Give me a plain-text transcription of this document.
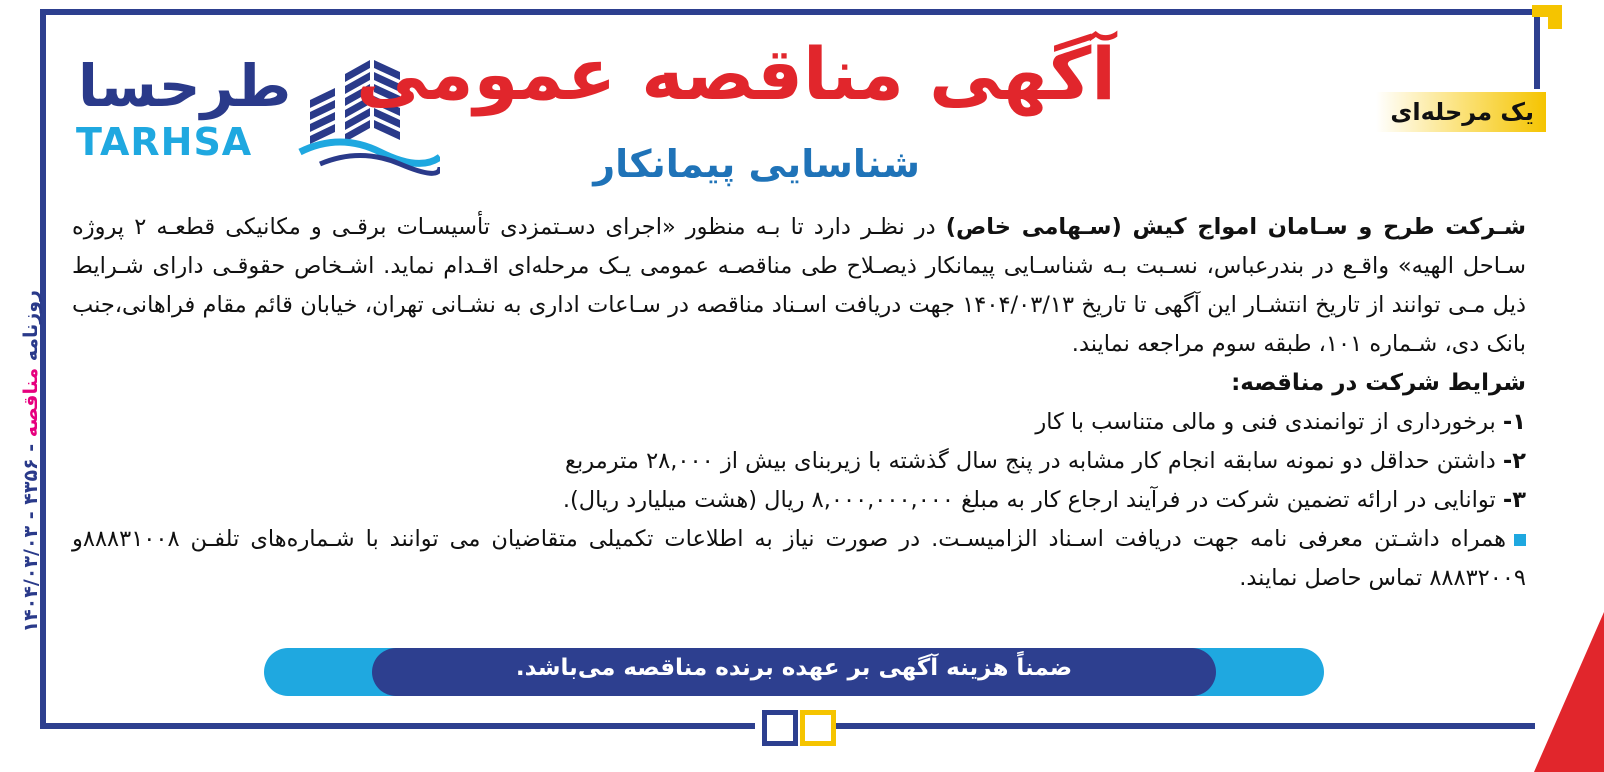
طرحسا
TARHSA
آگهی مناقصه عمومی
شناسایی پیمانکار
یک مرحله‌ای
روزنامه مناقصه - ۴۳۵۶ - ۱۴۰۴/۰۳/۰۳

شـرکت طرح و سـامان امواج کیش (سـهامی خاص) در نظـر دارد تا بـه منظور «اجرای دسـتمزدی تأسیسـات برقـی و مکانیکی قطعـه ۲ پروژه سـاحل الهیه» واقـع در بندرعباس، نسـبت بـه شناسـایی پیمانکار ذیصـلاح طی مناقصـه عمومی یـک مرحله‌ای اقـدام نماید. اشـخاص حقوقـی دارای شـرایط ذیل مـی توانند از تاریخ انتشـار این آگهی تا تاریخ ۱۴۰۴/۰۳/۱۳ جهت دریافت اسـناد مناقصه در سـاعات اداری به نشـانی تهران، خیابان قائم مقام فراهانی،جنب بانک دی، شـماره ۱۰۱، طبقه سوم مراجعه نمایند.

شرایط شرکت در مناقصه:

۱- برخورداری از توانمندی فنی و مالی متناسب با کار

۲- داشتن حداقل دو نمونه سابقه انجام کار مشابه در پنج سال گذشته با زیربنای بیش از ۲۸,۰۰۰ مترمربع

۳- توانایی در ارائه تضمین شرکت در فرآیند ارجاع کار به مبلغ ۸,۰۰۰,۰۰۰,۰۰۰ ریال (هشت میلیارد ریال).

همراه داشـتن معرفی نامه جهت دریافت اسـناد الزامیسـت. در صورت نیاز به اطلاعات تکمیلی متقاضیان می توانند با شـماره‌های تلفـن ۸۸۸۳۱۰۰۸و ۸۸۸۳۲۰۰۹ تماس حاصل نمایند.

ضمناً هزینه آگهی بر عهده برنده مناقصه می‌باشد.
